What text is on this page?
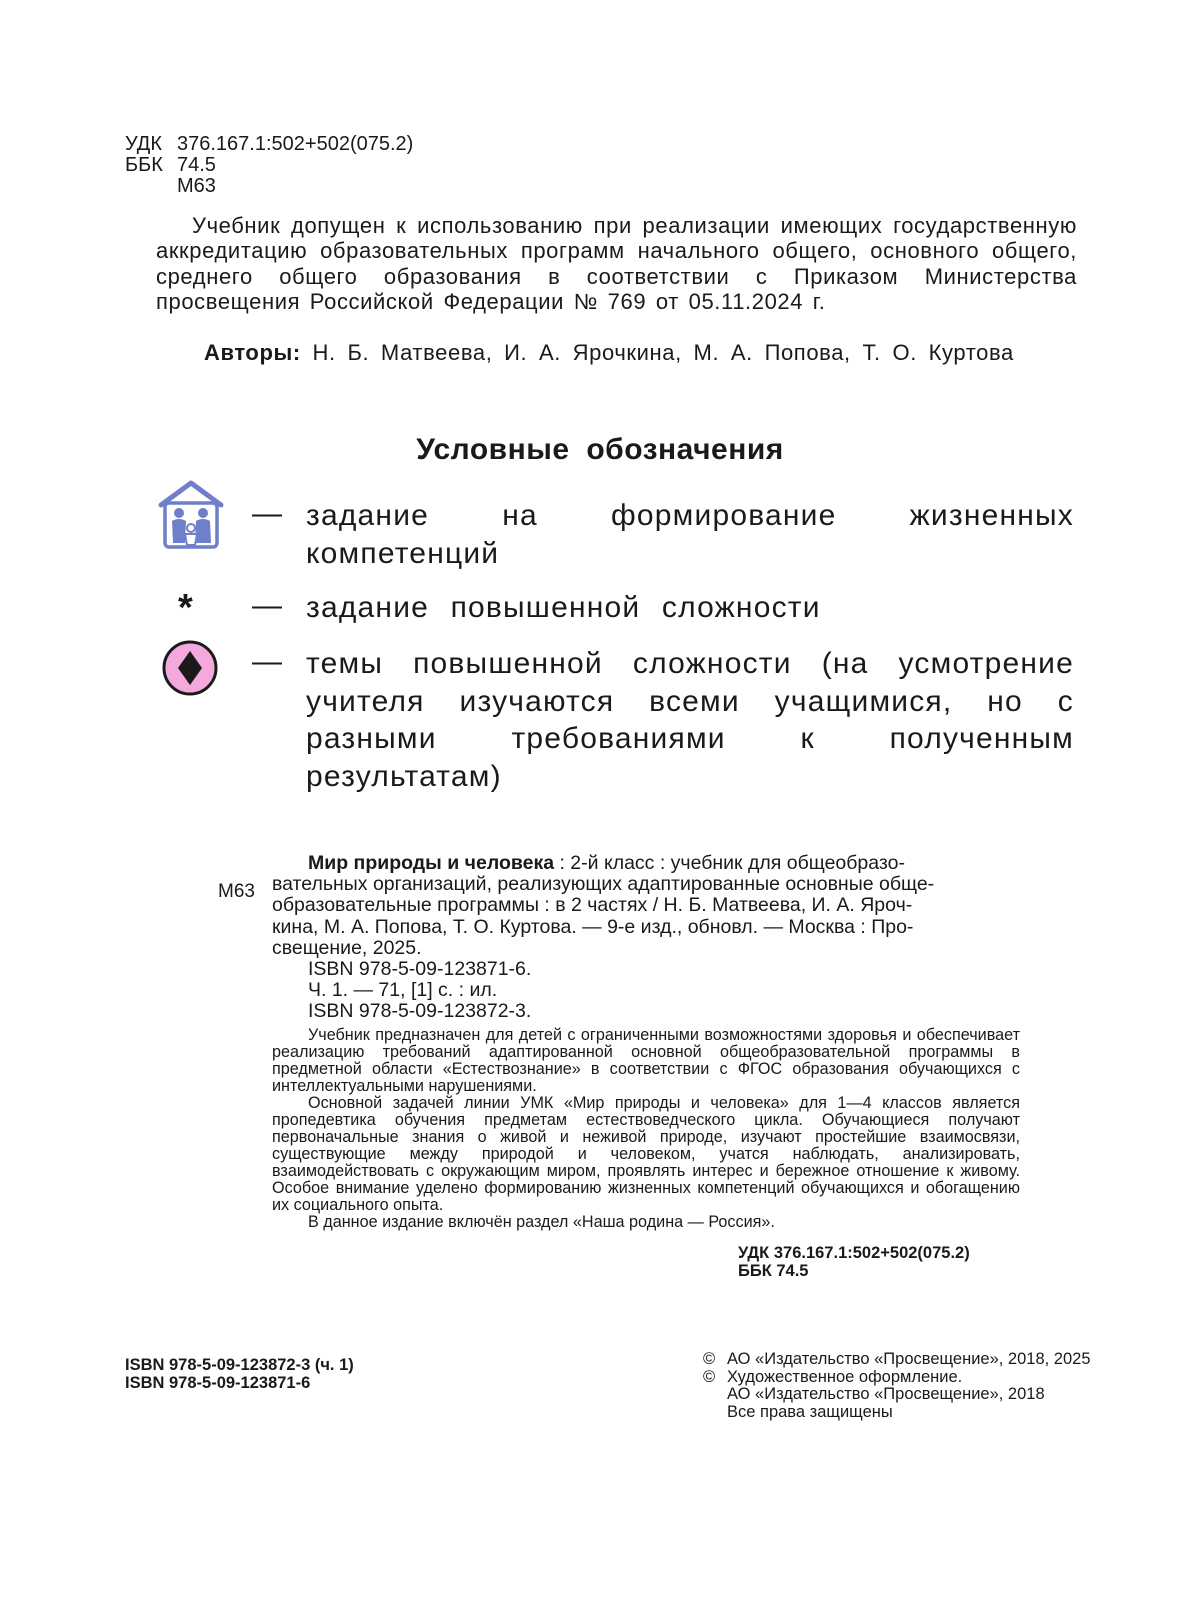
УДК 376.167.1:502+502(075.2)
ББК 74.5
М63
Учебник допущен к использованию при реализации имеющих государственную аккредитацию образовательных программ начального общего, основного общего, среднего общего образования в соответствии с Приказом Министерства просвещения Российской Федерации № 769 от 05.11.2024 г.
Авторы: Н. Б. Матвеева, И. А. Ярочкина, М. А. Попова, Т. О. Куртова
Условные обозначения
— задание на формирование жизненных компетенций
* — задание повышенной сложности
— темы повышенной сложности (на усмотрение учителя изучаются всеми учащимися, но с разными требованиями к полученным результатам)
М63

Мир природы и человека : 2-й класс : учебник для общеобразо-

вательных организаций, реализующих адаптированные основные обще-

образовательные программы : в 2 частях / Н. Б. Матвеева, И. А. Яроч-

кина, М. А. Попова, Т. О. Куртова. — 9-е изд., обновл. — Москва : Про-

свещение, 2025.

ISBN 978-5-09-123871-6.

Ч. 1. — 71, [1] с. : ил.

ISBN 978-5-09-123872-3.

Учебник предназначен для детей с ограниченными возможностями здоровья и обеспечивает реализацию требований адаптированной основной общеобразовательной программы в предметной области «Естествознание» в соответствии с ФГОС образования обучающихся с интеллектуальными нарушениями.

Основной задачей линии УМК «Мир природы и человека» для 1—4 классов является пропедевтика обучения предметам естествоведческого цикла. Обучающиеся получают первоначальные знания о живой и неживой природе, изучают простейшие взаимосвязи, существующие между природой и человеком, учатся наблюдать, анализировать, взаимодействовать с окружающим миром, проявлять интерес и бережное отношение к живому. Особое внимание уделено формированию жизненных компетенций обучающихся и обогащению их социального опыта.

В данное издание включён раздел «Наша родина — Россия».

УДК 376.167.1:502+502(075.2)
ББК 74.5
ISBN 978-5-09-123872-3 (ч. 1)
ISBN 978-5-09-123871-6
© АО «Издательство «Просвещение», 2018, 2025
© Художественное оформление.
АО «Издательство «Просвещение», 2018
Все права защищены
